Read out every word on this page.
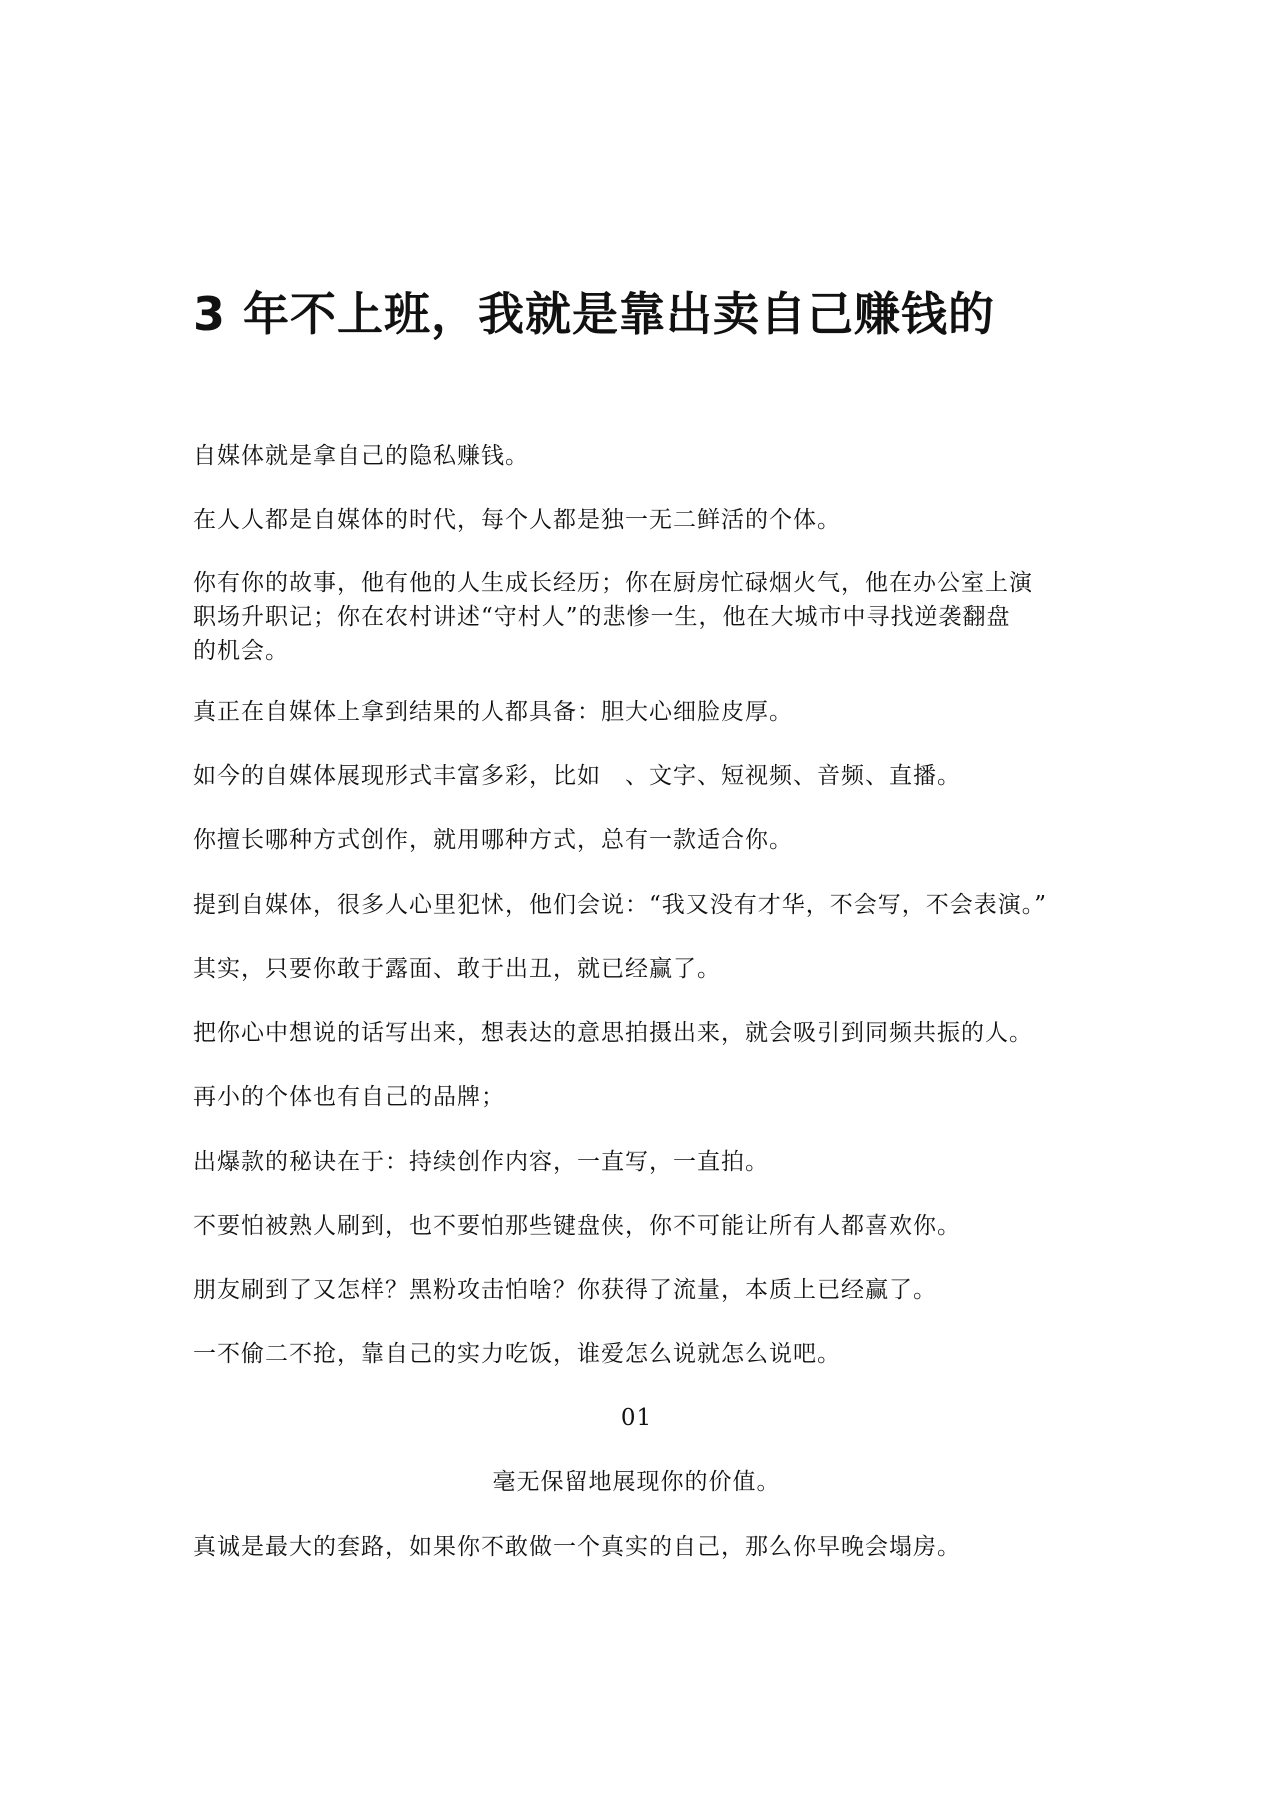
3 年不上班，我就是靠出卖自己赚钱的

自媒体就是拿自己的隐私赚钱。

在人人都是自媒体的时代，每个人都是独一无二鲜活的个体。

你有你的故事，他有他的人生成长经历；你在厨房忙碌烟火气，他在办公室上演
职场升职记；你在农村讲述“守村人”的悲惨一生，他在大城市中寻找逆袭翻盘
的机会。

真正在自媒体上拿到结果的人都具备：胆大心细脸皮厚。

如今的自媒体展现形式丰富多彩，比如　、文字、短视频、音频、直播。

你擅长哪种方式创作，就用哪种方式，总有一款适合你。

提到自媒体，很多人心里犯怵，他们会说：“我又没有才华，不会写，不会表演。”

其实，只要你敢于露面、敢于出丑，就已经赢了。

把你心中想说的话写出来，想表达的意思拍摄出来，就会吸引到同频共振的人。

再小的个体也有自己的品牌；

出爆款的秘诀在于：持续创作内容，一直写，一直拍。

不要怕被熟人刷到，也不要怕那些键盘侠，你不可能让所有人都喜欢你。

朋友刷到了又怎样？黑粉攻击怕啥？你获得了流量，本质上已经赢了。

一不偷二不抢，靠自己的实力吃饭，谁爱怎么说就怎么说吧。

01

毫无保留地展现你的价值。

真诚是最大的套路，如果你不敢做一个真实的自己，那么你早晚会塌房。
